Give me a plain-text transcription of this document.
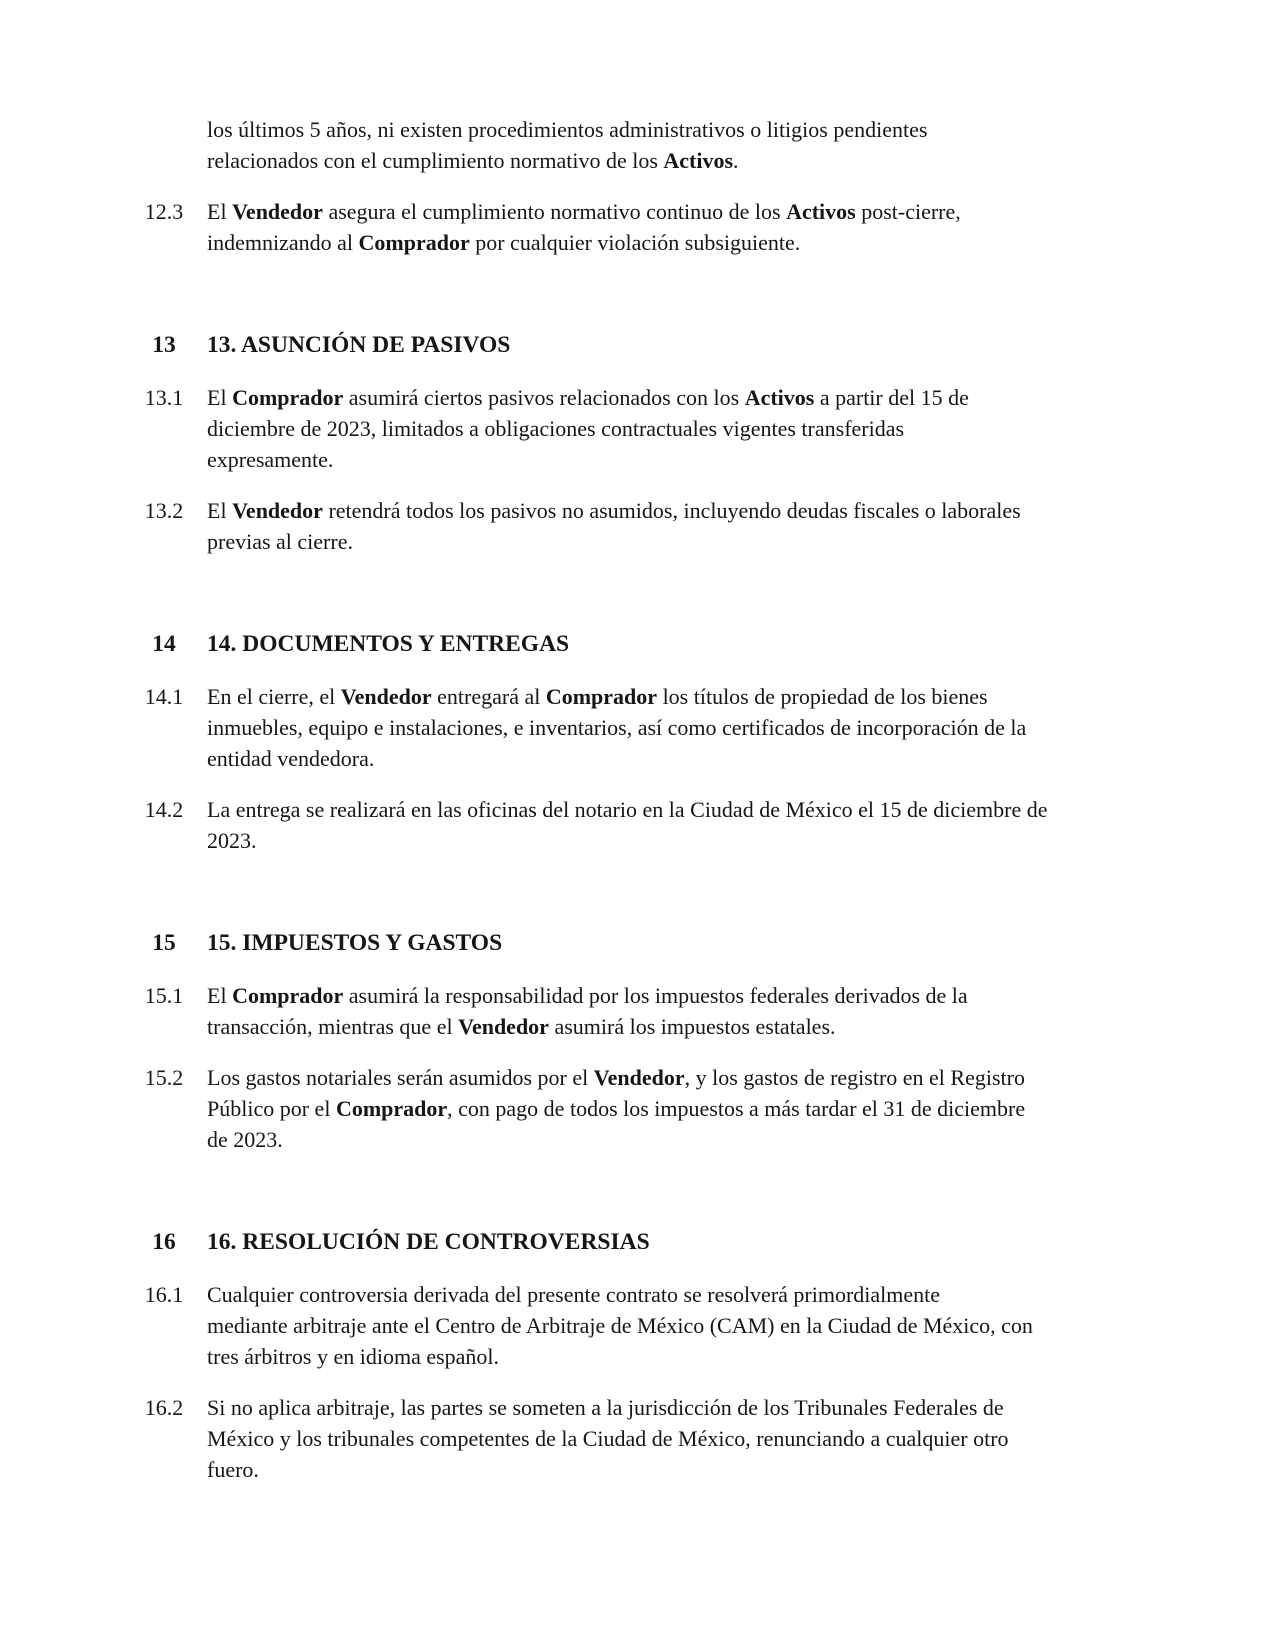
los últimos 5 años, ni existen procedimientos administrativos o litigios pendientes
relacionados con el cumplimiento normativo de los Activos.
12.3 El Vendedor asegura el cumplimiento normativo continuo de los Activos post-cierre,
indemnizando al Comprador por cualquier violación subsiguiente.
13	13. ASUNCIÓN DE PASIVOS
13.1 El Comprador asumirá ciertos pasivos relacionados con los Activos a partir del 15 de
diciembre de 2023, limitados a obligaciones contractuales vigentes transferidas
expresamente.
13.2 El Vendedor retendrá todos los pasivos no asumidos, incluyendo deudas fiscales o laborales
previas al cierre.
14	14. DOCUMENTOS Y ENTREGAS
14.1 En el cierre, el Vendedor entregará al Comprador los títulos de propiedad de los bienes
inmuebles, equipo e instalaciones, e inventarios, así como certificados de incorporación de la
entidad vendedora.
14.2 La entrega se realizará en las oficinas del notario en la Ciudad de México el 15 de diciembre de
2023.
15	15. IMPUESTOS Y GASTOS
15.1 El Comprador asumirá la responsabilidad por los impuestos federales derivados de la
transacción, mientras que el Vendedor asumirá los impuestos estatales.
15.2 Los gastos notariales serán asumidos por el Vendedor, y los gastos de registro en el Registro
Público por el Comprador, con pago de todos los impuestos a más tardar el 31 de diciembre
de 2023.
16	16. RESOLUCIÓN DE CONTROVERSIAS
16.1 Cualquier controversia derivada del presente contrato se resolverá primordialmente
mediante arbitraje ante el Centro de Arbitraje de México (CAM) en la Ciudad de México, con
tres árbitros y en idioma español.
16.2 Si no aplica arbitraje, las partes se someten a la jurisdicción de los Tribunales Federales de
México y los tribunales competentes de la Ciudad de México, renunciando a cualquier otro
fuero.
